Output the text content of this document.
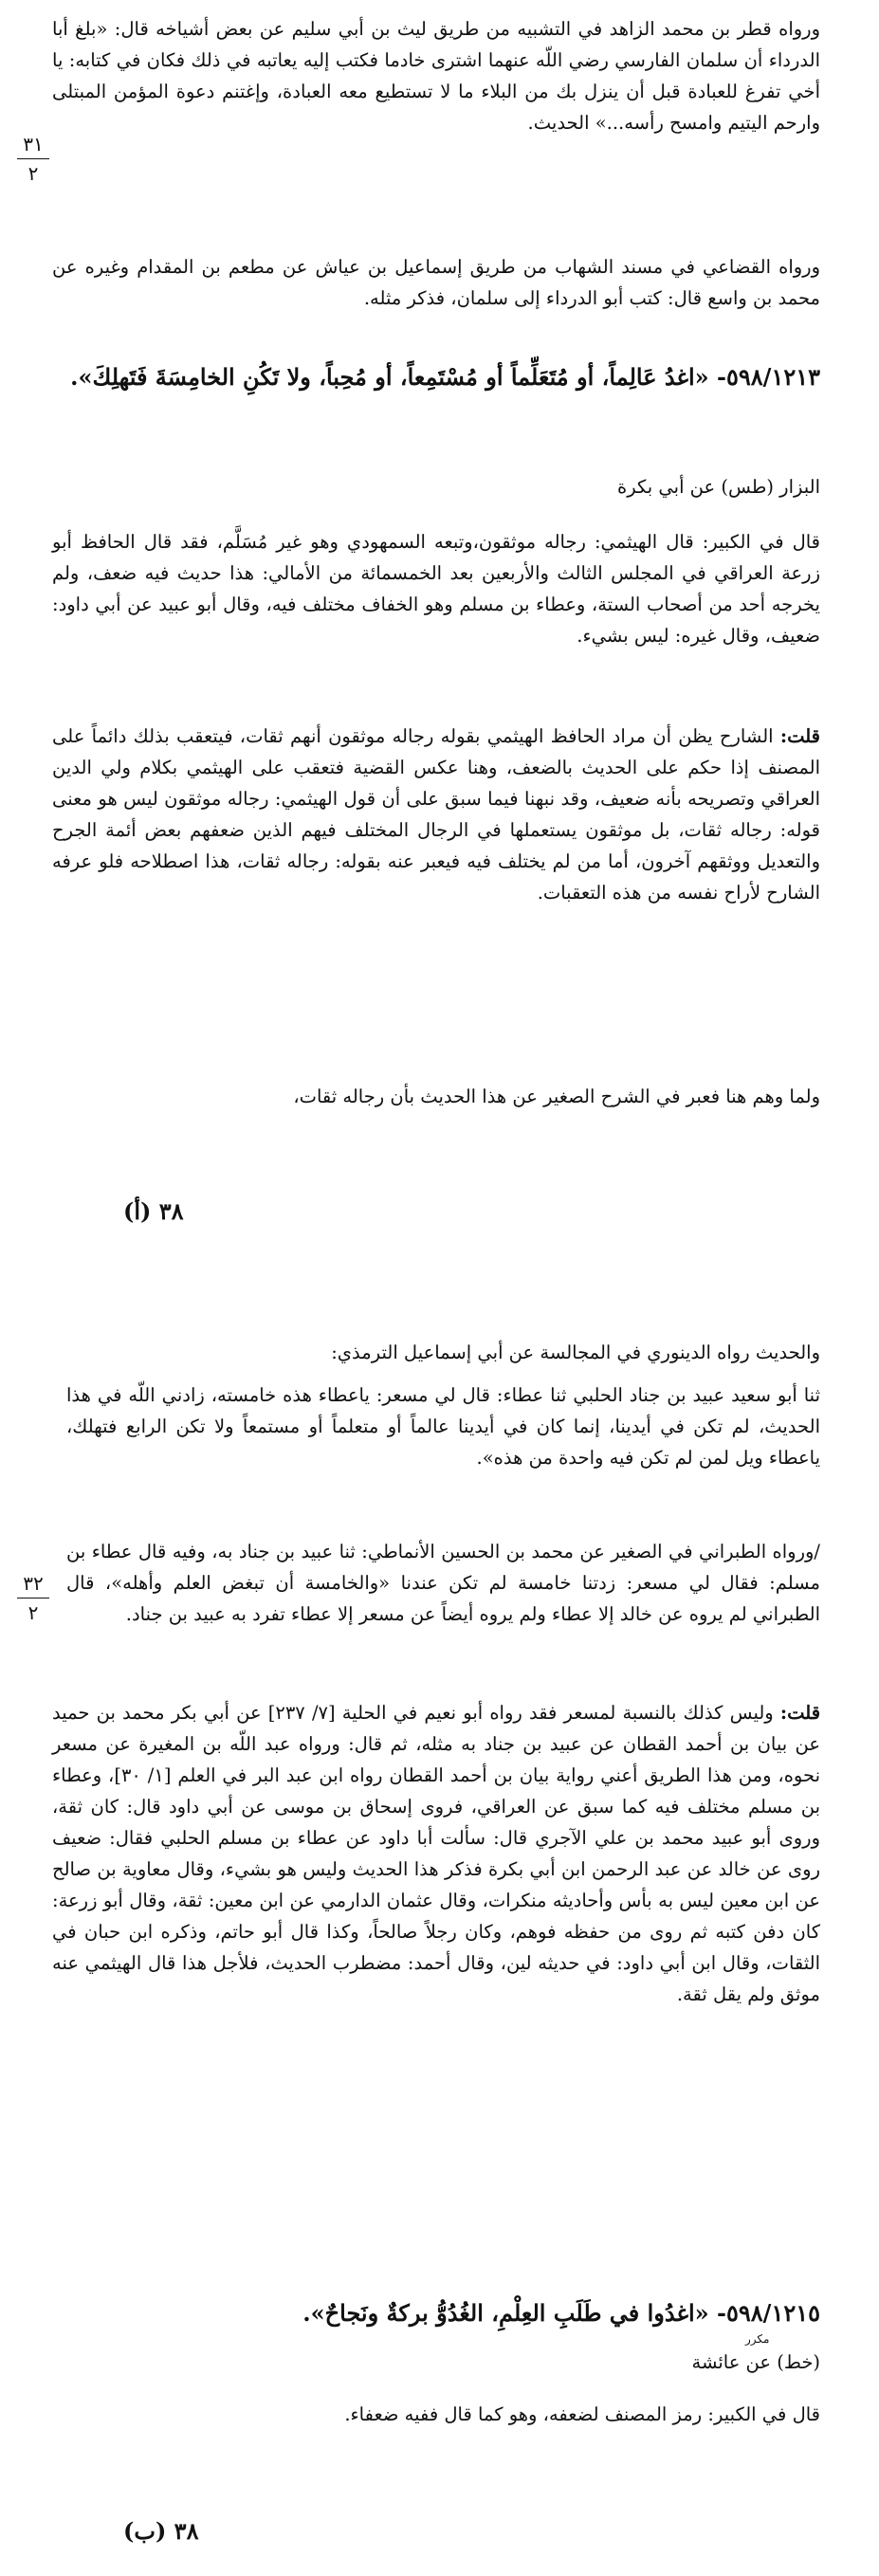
ورواه قطر بن محمد الزاهد في التشبيه من طريق ليث بن أبي سليم عن بعض أشياخه قال: «بلغ أبا الدرداء أن سلمان الفارسي رضي اللّه عنهما اشترى خادما فكتب إليه يعاتبه في ذلك فكان في كتابه: يا أخي تفرغ للعبادة قبل أن ينزل بك من البلاء ما لا تستطيع معه العبادة، وإغتنم دعوة المؤمن المبتلى وارحم اليتيم وامسح رأسه...» الحديث.

٣١
٢

ورواه القضاعي في مسند الشهاب من طريق إسماعيل بن عياش عن مطعم بن المقدام وغيره عن محمد بن واسع قال: كتب أبو الدرداء إلى سلمان، فذكر مثله.

٥٩٨/١٢١٣- «اغدُ عَالِماً، أو مُتَعَلِّماً أو مُسْتَمِعاً، أو مُحِباً، ولا تَكُنِ الخامِسَةَ فَتَهلِكَ».
البزار (طس) عن أبي بكرة

قال في الكبير: قال الهيثمي: رجاله موثقون،وتبعه السمهودي وهو غير مُسَلَّم، فقد قال الحافظ أبو زرعة العراقي في المجلس الثالث والأربعين بعد الخمسمائة من الأمالي: هذا حديث فيه ضعف، ولم يخرجه أحد من أصحاب الستة، وعطاء بن مسلم وهو الخفاف مختلف فيه، وقال أبو عبيد عن أبي داود: ضعيف، وقال غيره: ليس بشيء.

قلت: الشارح يظن أن مراد الحافظ الهيثمي بقوله رجاله موثقون أنهم ثقات، فيتعقب بذلك دائماً على المصنف إذا حكم على الحديث بالضعف، وهنا عكس القضية فتعقب على الهيثمي بكلام ولي الدين العراقي وتصريحه بأنه ضعيف، وقد نبهنا فيما سبق على أن قول الهيثمي: رجاله موثقون ليس هو معنى قوله: رجاله ثقات، بل موثقون يستعملها في الرجال المختلف فيهم الذين ضعفهم بعض أئمة الجرح والتعديل ووثقهم آخرون، أما من لم يختلف فيه فيعبر عنه بقوله: رجاله ثقات، هذا اصطلاحه فلو عرفه الشارح لأراح نفسه من هذه التعقبات.

ولما وهم هنا فعبر في الشرح الصغير عن هذا الحديث بأن رجاله ثقات،
٣٨ (أ)
والحديث رواه الدينوري في المجالسة عن أبي إسماعيل الترمذي:

ثنا أبو سعيد عبيد بن جناد الحلبي ثنا عطاء: قال لي مسعر: ياعطاء هذه خامسته، زادني اللّه في هذا الحديث، لم تكن في أيدينا، إنما كان في أيدينا عالماً أو متعلماً أو مستمعاً ولا تكن الرابع فتهلك، ياعطاء ويل لمن لم تكن فيه واحدة من هذه».

٣٢
٢

/ورواه الطبراني في الصغير عن محمد بن الحسين الأنماطي: ثنا عبيد بن جناد به، وفيه قال عطاء بن مسلم: فقال لي مسعر: زدتنا خامسة لم تكن عندنا «والخامسة أن تبغض العلم وأهله»، قال الطبراني لم يروه عن خالد إلا عطاء ولم يروه أيضاً عن مسعر إلا عطاء تفرد به عبيد بن جناد.

قلت: وليس كذلك بالنسبة لمسعر فقد رواه أبو نعيم في الحلية [٧/ ٢٣٧] عن أبي بكر محمد بن حميد عن بيان بن أحمد القطان عن عبيد بن جناد به مثله، ثم قال: ورواه عبد اللّه بن المغيرة عن مسعر نحوه، ومن هذا الطريق أعني رواية بيان بن أحمد القطان رواه ابن عبد البر في العلم [١/ ٣٠]، وعطاء بن مسلم مختلف فيه كما سبق عن العراقي، فروى إسحاق بن موسى عن أبي داود قال: كان ثقة، وروى أبو عبيد محمد بن علي الآجري قال: سألت أبا داود عن عطاء بن مسلم الحلبي فقال: ضعيف روى عن خالد عن عبد الرحمن ابن أبي بكرة فذكر هذا الحديث وليس هو بشيء، وقال معاوية بن صالح عن ابن معين ليس به بأس وأحاديثه منكرات، وقال عثمان الدارمي عن ابن معين: ثقة، وقال أبو زرعة: كان دفن كتبه ثم روى من حفظه فوهم، وكان رجلاً صالحاً، وكذا قال أبو حاتم، وذكره ابن حبان في الثقات، وقال ابن أبي داود: في حديثه لين، وقال أحمد: مضطرب الحديث، فلأجل هذا قال الهيثمي عنه موثق ولم يقل ثقة.

٥٩٨/١٢١٥- «اغدُوا في طَلَبِ العِلْمِ، الغُدُوُّ بركةٌ ونَجاحٌ».
مكرر
(خط) عن عائشة
قال في الكبير: رمز المصنف لضعفه، وهو كما قال ففيه ضعفاء.
٣٨ (ب)
